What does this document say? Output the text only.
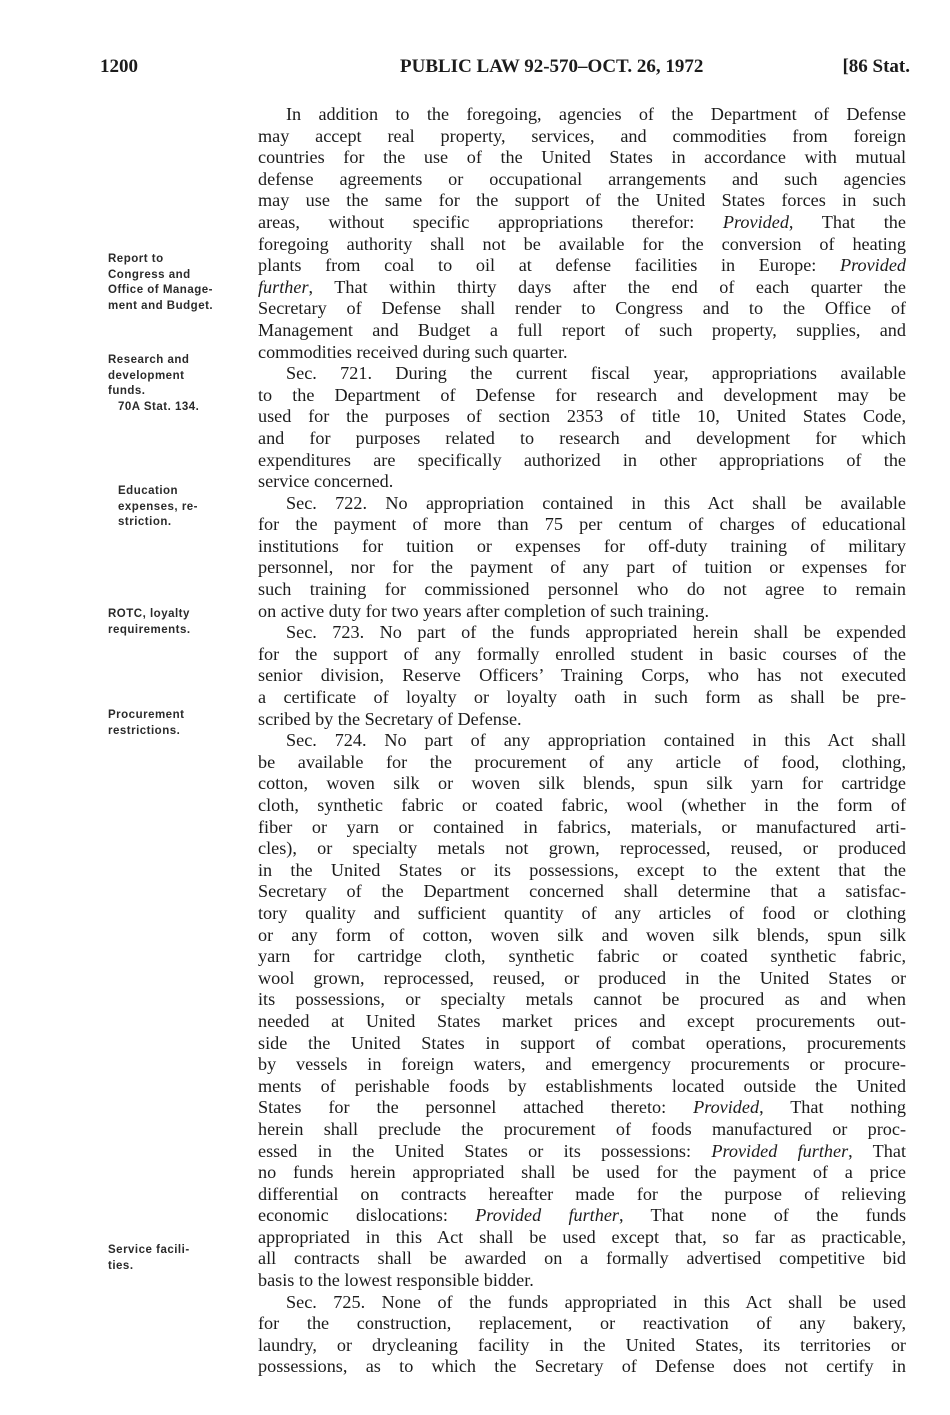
1200	PUBLIC LAW 92-570–OCT. 26, 1972	[86 Stat.
Report to
Congress and
Office of Manage-
ment and Budget.
Research and
development
funds.
70A Stat. 134.
Education
expenses, re-
striction.
ROTC, loyalty
requirements.
Procurement
restrictions.
Service facili-
ties.
In addition to the foregoing, agencies of the Department of Defense
may accept real property, services, and commodities from foreign
countries for the use of the United States in accordance with mutual
defense agreements or occupational arrangements and such agencies
may use the same for the support of the United States forces in such
areas, without specific appropriations therefor: Provided, That the
foregoing authority shall not be available for the conversion of heating
plants from coal to oil at defense facilities in Europe: Provided
further, That within thirty days after the end of each quarter the
Secretary of Defense shall render to Congress and to the Office of
Management and Budget a full report of such property, supplies, and
commodities received during such quarter.
Sec. 721. During the current fiscal year, appropriations available
to the Department of Defense for research and development may be
used for the purposes of section 2353 of title 10, United States Code,
and for purposes related to research and development for which
expenditures are specifically authorized in other appropriations of the
service concerned.
Sec. 722. No appropriation contained in this Act shall be available
for the payment of more than 75 per centum of charges of educational
institutions for tuition or expenses for off-duty training of military
personnel, nor for the payment of any part of tuition or expenses for
such training for commissioned personnel who do not agree to remain
on active duty for two years after completion of such training.
Sec. 723. No part of the funds appropriated herein shall be expended
for the support of any formally enrolled student in basic courses of the
senior division, Reserve Officers’ Training Corps, who has not executed
a certificate of loyalty or loyalty oath in such form as shall be pre-
scribed by the Secretary of Defense.
Sec. 724. No part of any appropriation contained in this Act shall
be available for the procurement of any article of food, clothing,
cotton, woven silk or woven silk blends, spun silk yarn for cartridge
cloth, synthetic fabric or coated fabric, wool (whether in the form of
fiber or yarn or contained in fabrics, materials, or manufactured arti-
cles), or specialty metals not grown, reprocessed, reused, or produced
in the United States or its possessions, except to the extent that the
Secretary of the Department concerned shall determine that a satisfac-
tory quality and sufficient quantity of any articles of food or clothing
or any form of cotton, woven silk and woven silk blends, spun silk
yarn for cartridge cloth, synthetic fabric or coated synthetic fabric,
wool grown, reprocessed, reused, or produced in the United States or
its possessions, or specialty metals cannot be procured as and when
needed at United States market prices and except procurements out-
side the United States in support of combat operations, procurements
by vessels in foreign waters, and emergency procurements or procure-
ments of perishable foods by establishments located outside the United
States for the personnel attached thereto: Provided, That nothing
herein shall preclude the procurement of foods manufactured or proc-
essed in the United States or its possessions: Provided further, That
no funds herein appropriated shall be used for the payment of a price
differential on contracts hereafter made for the purpose of relieving
economic dislocations: Provided further, That none of the funds
appropriated in this Act shall be used except that, so far as practicable,
all contracts shall be awarded on a formally advertised competitive bid
basis to the lowest responsible bidder.
Sec. 725. None of the funds appropriated in this Act shall be used
for the construction, replacement, or reactivation of any bakery,
laundry, or drycleaning facility in the United States, its territories or
possessions, as to which the Secretary of Defense does not certify in
